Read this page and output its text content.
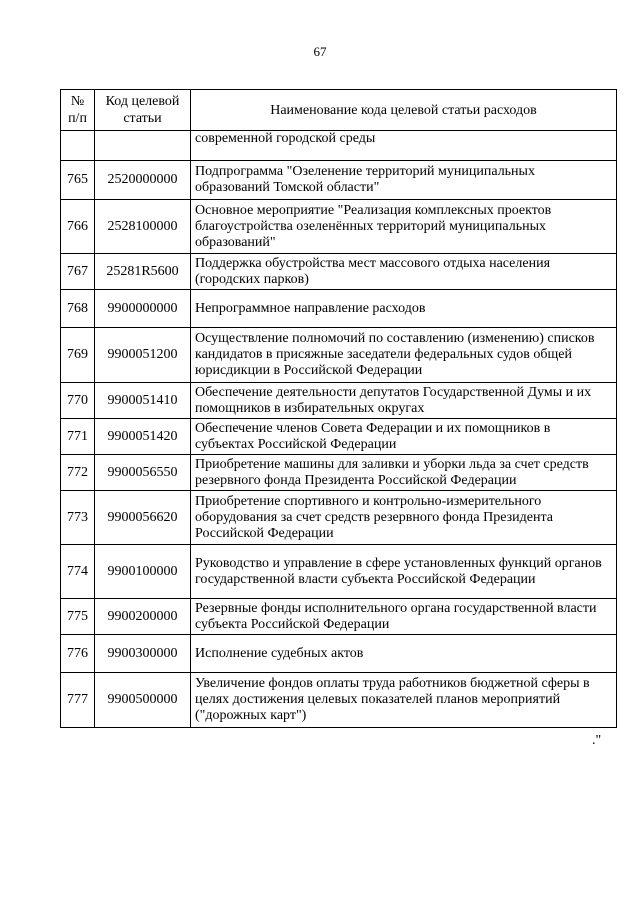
67
№ п/п	Код целевой статьи	Наименование кода целевой статьи расходов
		современной городской среды
765	2520000000	Подпрограмма "Озеленение территорий муниципальных образований Томской области"
766	2528100000	Основное мероприятие "Реализация комплексных проектов благоустройства озеленённых территорий муниципальных образований"
767	25281R5600	Поддержка обустройства мест массового отдыха населения (городских парков)
768	9900000000	Непрограммное направление расходов
769	9900051200	Осуществление полномочий по составлению (изменению) списков кандидатов в присяжные заседатели федеральных судов общей юрисдикции в Российской Федерации
770	9900051410	Обеспечение деятельности депутатов Государственной Думы и их помощников в избирательных округах
771	9900051420	Обеспечение членов Совета Федерации и их помощников в субъектах Российской Федерации
772	9900056550	Приобретение машины для заливки и уборки льда за счет средств резервного фонда Президента Российской Федерации
773	9900056620	Приобретение спортивного и контрольно-измерительного оборудования за счет средств резервного фонда Президента Российской Федерации
774	9900100000	Руководство и управление в сфере установленных функций органов государственной власти субъекта Российской Федерации
775	9900200000	Резервные фонды исполнительного органа государственной власти субъекта Российской Федерации
776	9900300000	Исполнение судебных актов
777	9900500000	Увеличение фондов оплаты труда работников бюджетной сферы в целях достижения целевых показателей планов мероприятий ("дорожных карт")
."
